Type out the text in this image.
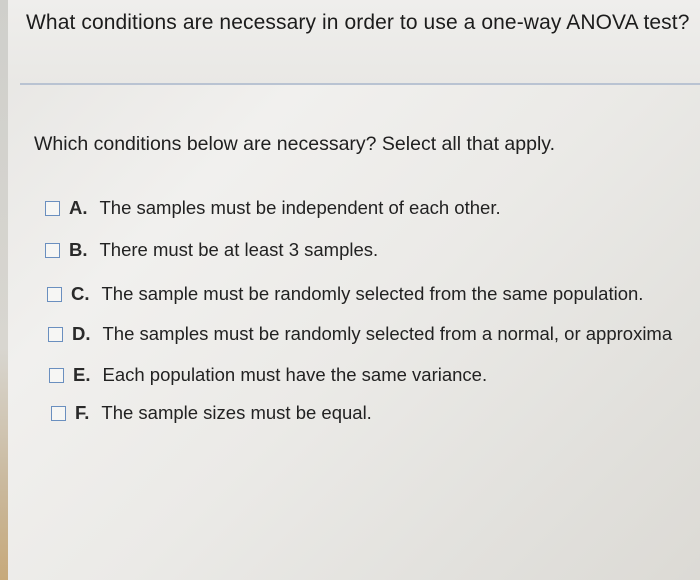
What conditions are necessary in order to use a one-way ANOVA test?
Which conditions below are necessary? Select all that apply.
A. The samples must be independent of each other.
B. There must be at least 3 samples.
C. The sample must be randomly selected from the same population.
D. The samples must be randomly selected from a normal, or approxima
E. Each population must have the same variance.
F. The sample sizes must be equal.
